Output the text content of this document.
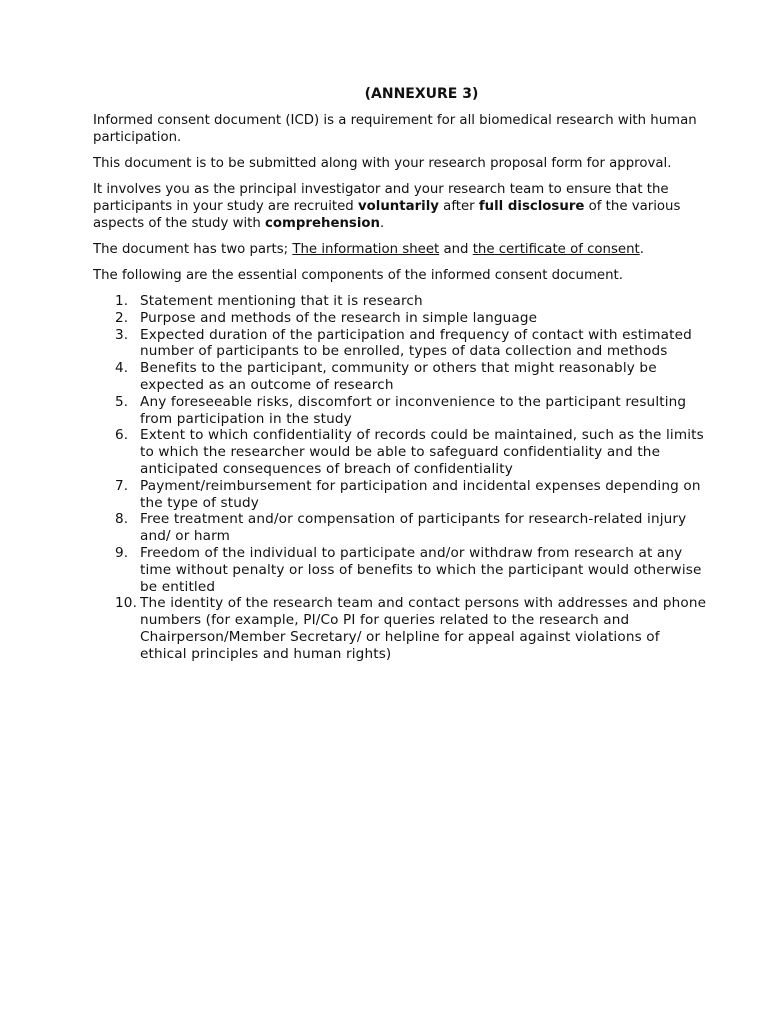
(ANNEXURE 3)

Informed consent document (ICD) is a requirement for all biomedical research with human participation.

This document is to be submitted along with your research proposal form for approval.

It involves you as the principal investigator and your research team to ensure that the participants in your study are recruited voluntarily after full disclosure of the various aspects of the study with comprehension.

The document has two parts; The information sheet and the certificate of consent.

The following are the essential components of the informed consent document.

1. Statement mentioning that it is research
2. Purpose and methods of the research in simple language
3. Expected duration of the participation and frequency of contact with estimated number of participants to be enrolled, types of data collection and methods
4. Benefits to the participant, community or others that might reasonably be expected as an outcome of research
5. Any foreseeable risks, discomfort or inconvenience to the participant resulting from participation in the study
6. Extent to which confidentiality of records could be maintained, such as the limits to which the researcher would be able to safeguard confidentiality and the anticipated consequences of breach of confidentiality
7. Payment/reimbursement for participation and incidental expenses depending on the type of study
8. Free treatment and/or compensation of participants for research-related injury and/ or harm
9. Freedom of the individual to participate and/or withdraw from research at any time without penalty or loss of benefits to which the participant would otherwise be entitled
10. The identity of the research team and contact persons with addresses and phone numbers (for example, PI/Co PI for queries related to the research and Chairperson/Member Secretary/ or helpline for appeal against violations of ethical principles and human rights)
